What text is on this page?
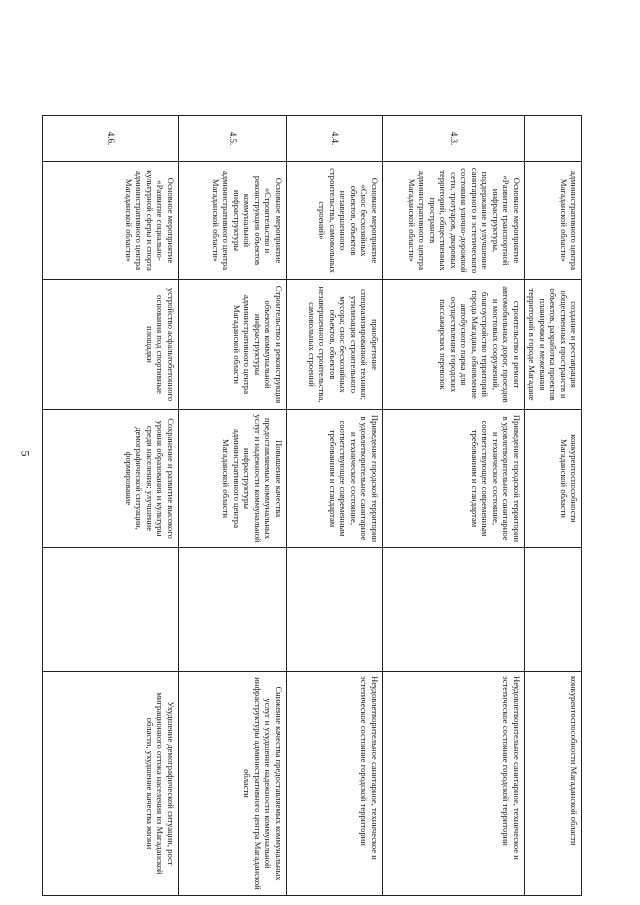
5
	административного центра Магаданской области»	создание и реставрация общественных пространств и объектов, разработка проектов планировки и межевания территорий в городе Магадане	конкурентоспособности Магаданской области		конкурентоспособности Магаданской области
4.3.	Основное мероприятие «Развитие транспортной инфраструктуры, поддержание и улучшение санитарного и эстетического состояния улично-дорожной сети, тротуаров, дворовых территорий, общественных пространств административного центра Магаданской области»	строительство и ремонт автомобильных дорог, проездов и мостовых сооружений, благоустройство территорий города Магадана, обновление автобусного парка для осуществления городских пассажирских перевозок	Приведение городской территории в удовлетворительное санитарное и техническое состояние, соответствующее современным требованиям и стандартам		Неудовлетворительное санитарное, техническое и эстетическое состояние городской территории
4.4.	Основное мероприятие «Снос бесхозяйных объектов, объектов незавершенного строительства, самовольных строений»	приобретение специализированной техники; утилизация строительного мусора; снос бесхозяйных объектов, объектов незавершенного строительства, самовольных строений	Приведение городской территории в удовлетворительное санитарное и техническое состояние, соответствующее современным требованиям и стандартам		Неудовлетворительное санитарное, техническое и эстетическое состояние городской территории
4.5.	Основное мероприятие «Строительство и реконструкция объектов коммунальной инфраструктуры административного центра Магаданской области»	Строительство и реконструкция объектов коммунальной инфраструктуры административного центра Магаданской области	Повышение качества предоставляемых коммунальных услуг и надежности коммунальной инфраструктуры административного центра Магаданской области		Снижение качества предоставляемых коммунальных услуг и ухудшение надежности коммунальной инфраструктуры административного центра Магаданской области
4.6.	Основное мероприятие «Развитие социально-культурной сферы и спорта административного центра Магаданской области»	устройство асфальтобетонного основания под спортивные площадки	Сохранение и развитие высокого уровня образования и культуры среди населения; улучшение демографической ситуации, формирование		Ухудшение демографической ситуации, рост миграционного оттока населения из Магаданской области, ухудшение качества жизни
